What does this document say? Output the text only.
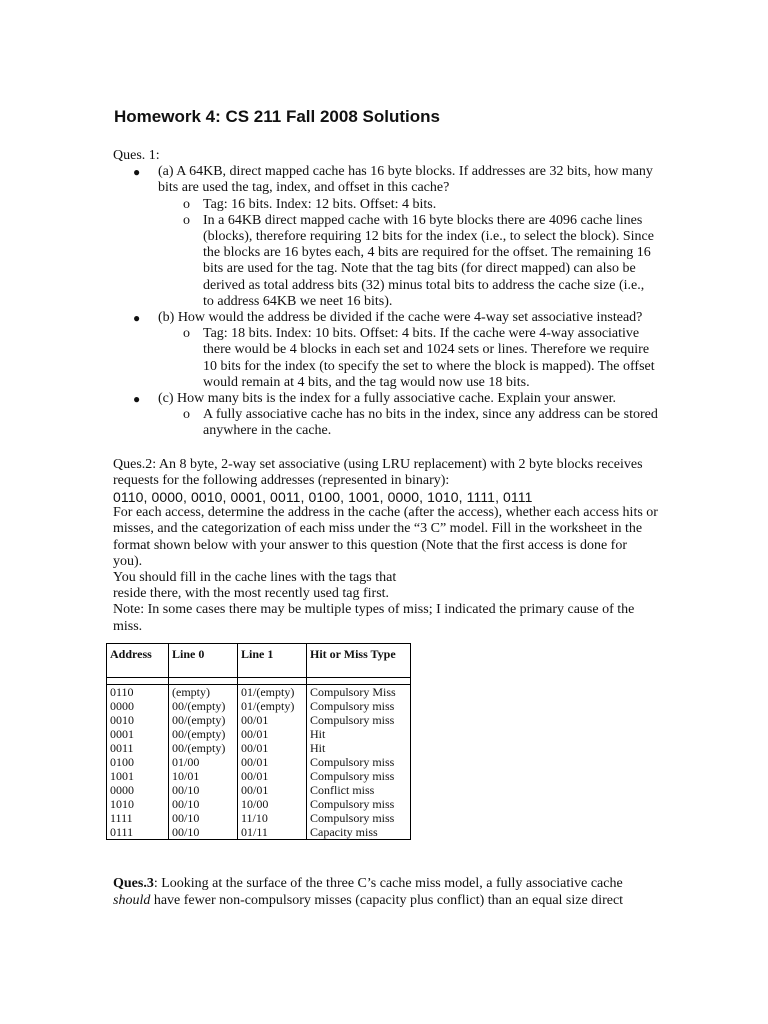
Homework 4: CS 211 Fall 2008 Solutions

Ques. 1:

● (a) A 64KB, direct mapped cache has 16 byte blocks. If addresses are 32 bits, how many bits are used the tag, index, and offset in this cache?
o Tag: 16 bits. Index: 12 bits. Offset: 4 bits.
o In a 64KB direct mapped cache with 16 byte blocks there are 4096 cache lines (blocks), therefore requiring 12 bits for the index (i.e., to select the block). Since the blocks are 16 bytes each, 4 bits are required for the offset. The remaining 16 bits are used for the tag. Note that the tag bits (for direct mapped) can also be derived as total address bits (32) minus total bits to address the cache size (i.e., to address 64KB we neet 16 bits).
● (b) How would the address be divided if the cache were 4-way set associative instead?
o Tag: 18 bits. Index: 10 bits. Offset: 4 bits. If the cache were 4-way associative there would be 4 blocks in each set and 1024 sets or lines. Therefore we require 10 bits for the index (to specify the set to where the block is mapped). The offset would remain at 4 bits, and the tag would now use 18 bits.
● (c) How many bits is the index for a fully associative cache. Explain your answer.
o A fully associative cache has no bits in the index, since any address can be stored anywhere in the cache.

Ques.2: An 8 byte, 2-way set associative (using LRU replacement) with 2 byte blocks receives requests for the following addresses (represented in binary):

0110, 0000, 0010, 0001, 0011, 0100, 1001, 0000, 1010, 1111, 0111

For each access, determine the address in the cache (after the access), whether each access hits or misses, and the categorization of each miss under the “3 C” model. Fill in the worksheet in the format shown below with your answer to this question (Note that the first access is done for you).

You should fill in the cache lines with the tags that

reside there, with the most recently used tag first.

Note: In some cases there may be multiple types of miss; I indicated the primary cause of the miss.

Address	Line 0	Line 1	Hit or Miss Type

0110	(empty)	01/(empty)	Compulsory Miss
0000	00/(empty)	01/(empty)	Compulsory miss
0010	00/(empty)	00/01	Compulsory miss
0001	00/(empty)	00/01	Hit
0011	00/(empty)	00/01	Hit
0100	01/00	00/01	Compulsory miss
1001	10/01	00/01	Compulsory miss
0000	00/10	00/01	Conflict miss
1010	00/10	10/00	Compulsory miss
1111	00/10	11/10	Compulsory miss
0111	00/10	01/11	Capacity miss

Ques.3: Looking at the surface of the three C’s cache miss model, a fully associative cache
should have fewer non-compulsory misses (capacity plus conflict) than an equal size direct
